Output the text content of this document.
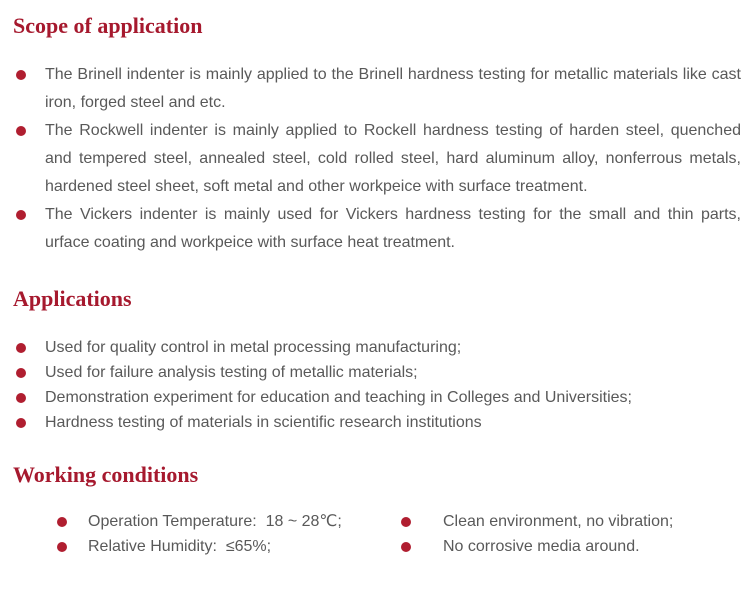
Scope of application
The Brinell indenter is mainly applied to the Brinell hardness testing for metallic materials like cast iron, forged steel and etc.
The Rockwell indenter is mainly applied to Rockell hardness testing of harden steel, quenched and tempered steel, annealed steel, cold rolled steel, hard aluminum alloy, nonferrous metals, hardened steel sheet, soft metal and other workpeice with surface treatment.
The Vickers indenter is mainly used for Vickers hardness testing for the small and thin parts, urface coating and workpeice with surface heat treatment.
Applications
Used for quality control in metal processing manufacturing;
Used for failure analysis testing of metallic materials;
Demonstration experiment for education and teaching in Colleges and Universities;
Hardness testing of materials in scientific research institutions
Working conditions
Operation Temperature:  18 ~ 28℃;
Relative Humidity:  ≤65%;
Clean environment, no vibration;
No corrosive media around.
